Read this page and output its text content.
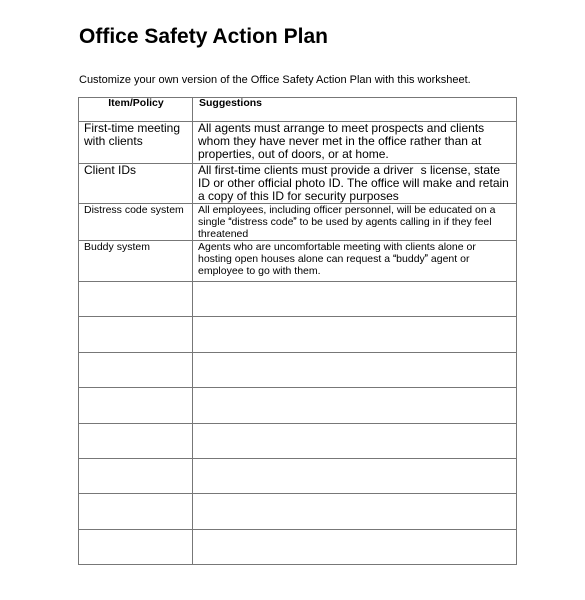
Office Safety Action Plan

Customize your own version of the Office Safety Action Plan with this worksheet.

Item/Policy	Suggestions
First-time meeting with clients	All agents must arrange to meet prospects and clients whom they have never met in the office rather than at properties, out of doors, or at home.
Client IDs	All first-time clients must provide a drivers license, state ID or other official photo ID. The office will make and retain a copy of this ID for security purposes
Distress code system	All employees, including officer personnel, will be educated on a single distress code to be used by agents calling in if they feel threatened
Buddy system	Agents who are uncomfortable meeting with clients alone or hosting open houses alone can request a buddy agent or employee to go with them.
